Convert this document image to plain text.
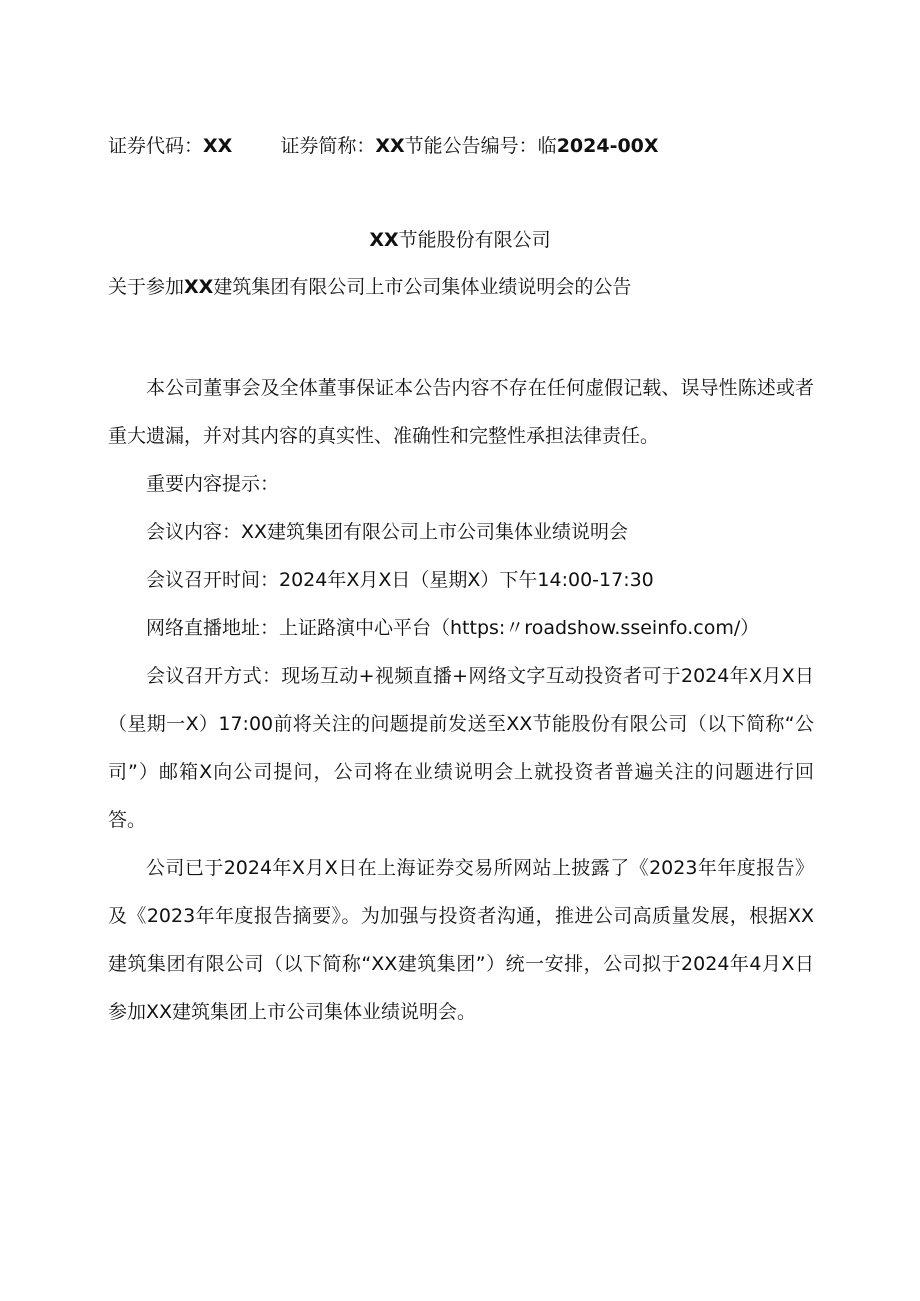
证券代码：XX	证券简称：XX节能公告编号：临2024-00X
XX节能股份有限公司
关于参加XX建筑集团有限公司上市公司集体业绩说明会的公告

本公司董事会及全体董事保证本公告内容不存在任何虚假记载、误导性陈述或者重大遗漏，并对其内容的真实性、准确性和完整性承担法律责任。

重要内容提示：

会议内容：XX建筑集团有限公司上市公司集体业绩说明会

会议召开时间：2024年X月X日（星期X）下午14:00-17:30

网络直播地址：上证路演中心平台（https:〃roadshow.sseinfo.com/）

会议召开方式：现场互动+视频直播+网络文字互动投资者可于2024年X月X日（星期一X）17:00前将关注的问题提前发送至XX节能股份有限公司（以下简称“公司”）邮箱X向公司提问，公司将在业绩说明会上就投资者普遍关注的问题进行回答。

公司已于2024年X月X日在上海证券交易所网站上披露了《2023年年度报告》及《2023年年度报告摘要》。为加强与投资者沟通，推进公司高质量发展，根据XX建筑集团有限公司（以下简称“XX建筑集团”）统一安排，公司拟于2024年4月X日参加XX建筑集团上市公司集体业绩说明会。
